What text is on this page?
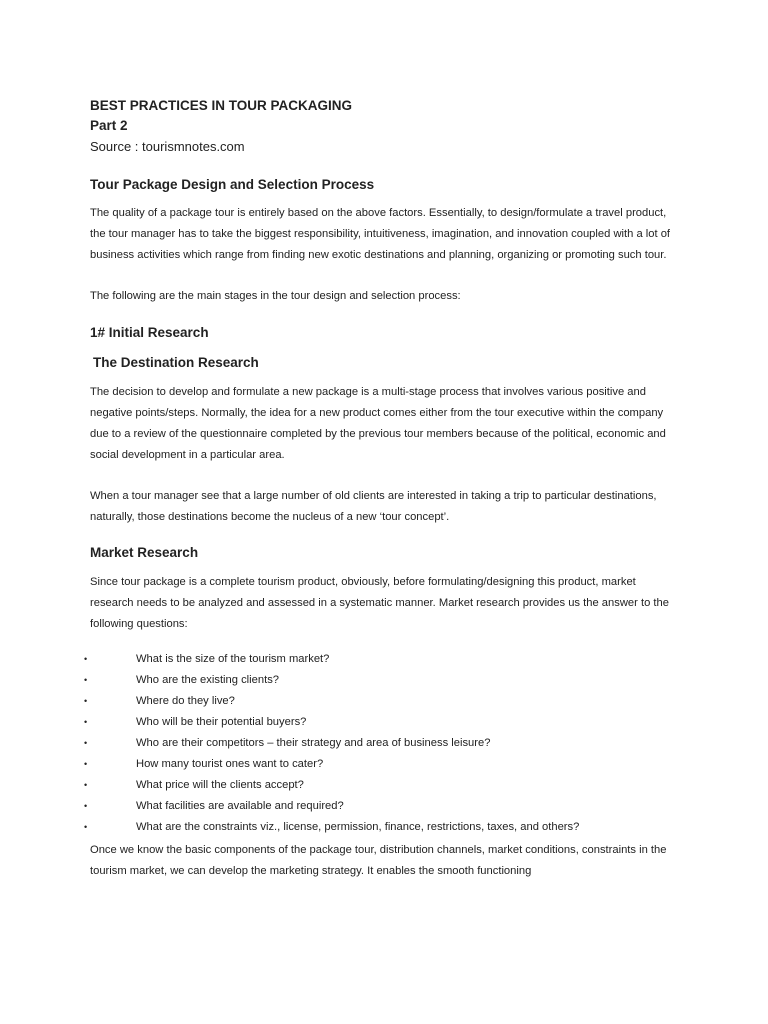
BEST PRACTICES IN TOUR PACKAGING
Part 2
Source : tourismnotes.com
Tour Package Design and Selection Process

The quality of a package tour is entirely based on the above factors. Essentially, to design/formulate a travel product, the tour manager has to take the biggest responsibility, intuitiveness, imagination, and innovation coupled with a lot of business activities which range from finding new exotic destinations and planning, organizing or promoting such tour.

The following are the main stages in the tour design and selection process:

1# Initial Research
The Destination Research

The decision to develop and formulate a new package is a multi-stage process that involves various positive and negative points/steps. Normally, the idea for a new product comes either from the tour executive within the company due to a review of the questionnaire completed by the previous tour members because of the political, economic and social development in a particular area.

When a tour manager see that a large number of old clients are interested in taking a trip to particular destinations, naturally, those destinations become the nucleus of a new ‘tour concept’.

Market Research

Since tour package is a complete tourism product, obviously, before formulating/designing this product, market research needs to be analyzed and assessed in a systematic manner. Market research provides us the answer to the following questions:

•	What is the size of the tourism market?
•	Who are the existing clients?
•	Where do they live?
•	Who will be their potential buyers?
•	Who are their competitors – their strategy and area of business leisure?
•	How many tourist ones want to cater?
•	What price will the clients accept?
•	What facilities are available and required?
•	What are the constraints viz., license, permission, finance, restrictions, taxes, and others?

Once we know the basic components of the package tour, distribution channels, market conditions, constraints in the tourism market, we can develop the marketing strategy. It enables the smooth functioning
